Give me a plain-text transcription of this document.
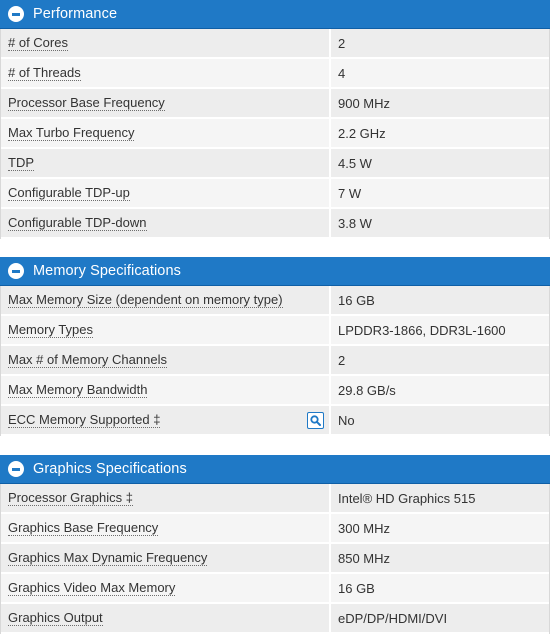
Performance
# of Cores	2
# of Threads	4
Processor Base Frequency	900 MHz
Max Turbo Frequency	2.2 GHz
TDP	4.5 W
Configurable TDP-up	7 W
Configurable TDP-down	3.8 W
Memory Specifications
Max Memory Size (dependent on memory type)	16 GB
Memory Types	LPDDR3-1866, DDR3L-1600
Max # of Memory Channels	2
Max Memory Bandwidth	29.8 GB/s
ECC Memory Supported ‡	No
Graphics Specifications
Processor Graphics ‡	Intel® HD Graphics 515
Graphics Base Frequency	300 MHz
Graphics Max Dynamic Frequency	850 MHz
Graphics Video Max Memory	16 GB
Graphics Output	eDP/DP/HDMI/DVI
